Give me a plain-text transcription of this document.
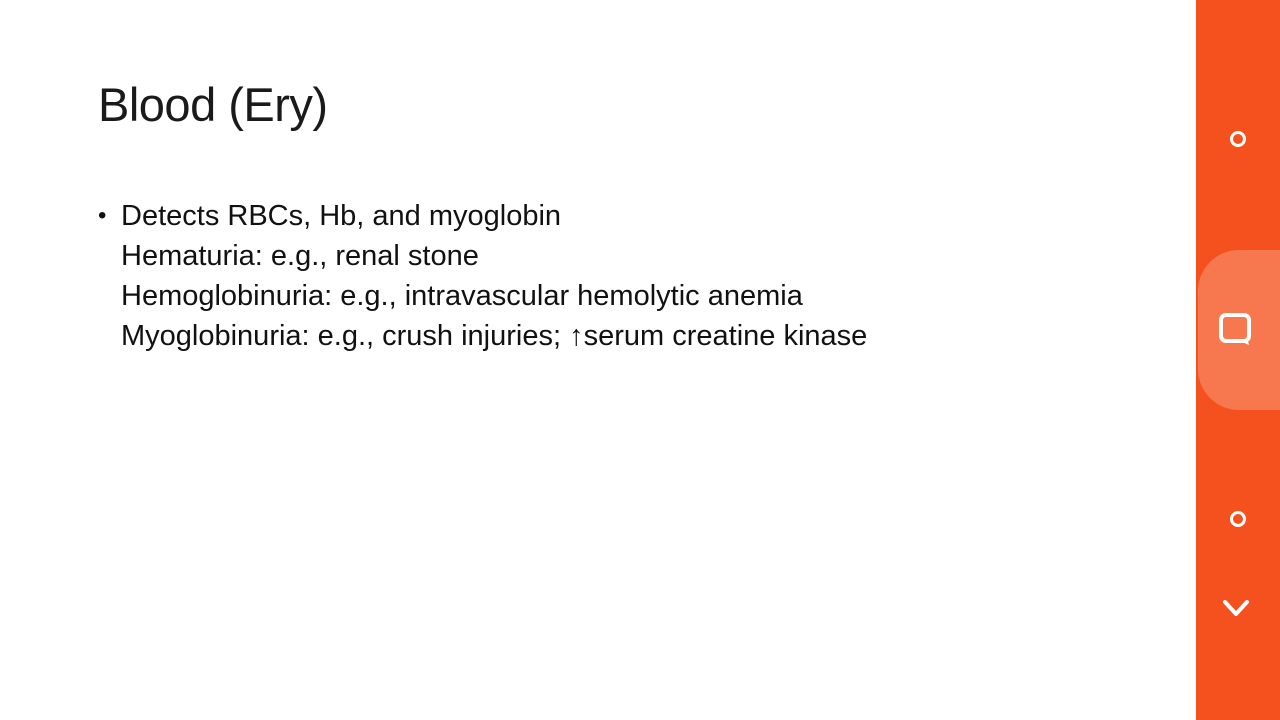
Blood (Ery)
• Detects RBCs, Hb, and myoglobin
Hematuria: e.g., renal stone
Hemoglobinuria: e.g., intravascular hemolytic anemia
Myoglobinuria: e.g., crush injuries; ↑serum creatine kinase
